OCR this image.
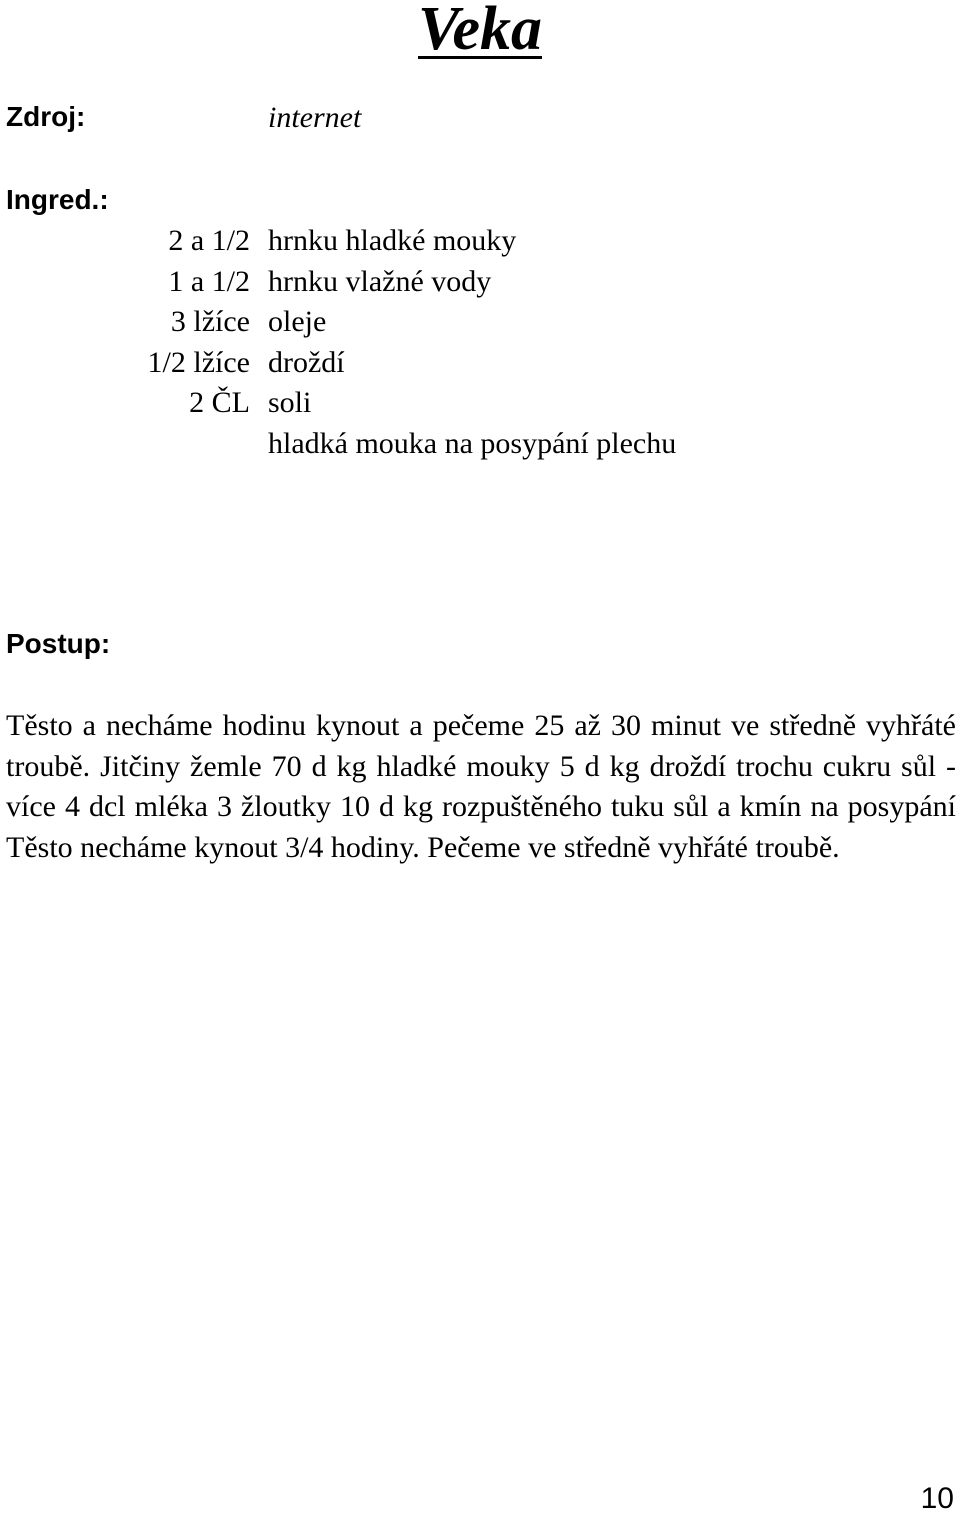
Veka

Zdroj:	internet

Ingred.:

2 a 1/2 hrnku hladké mouky
1 a 1/2 hrnku vlažné vody
3 lžíce oleje
1/2 lžíce droždí
2 ČL soli
hladká mouka na posypání plechu

Postup:

Těsto a necháme hodinu kynout a pečeme 25 až 30 minut ve středně vyhřáté troubě. Jitčiny žemle 70 d kg hladké mouky 5 d kg droždí trochu cukru sůl - více 4 dcl mléka 3 žloutky 10 d kg rozpuštěného tuku sůl a kmín na posypání Těsto necháme kynout 3/4 hodiny. Pečeme ve středně vyhřáté troubě.

10
